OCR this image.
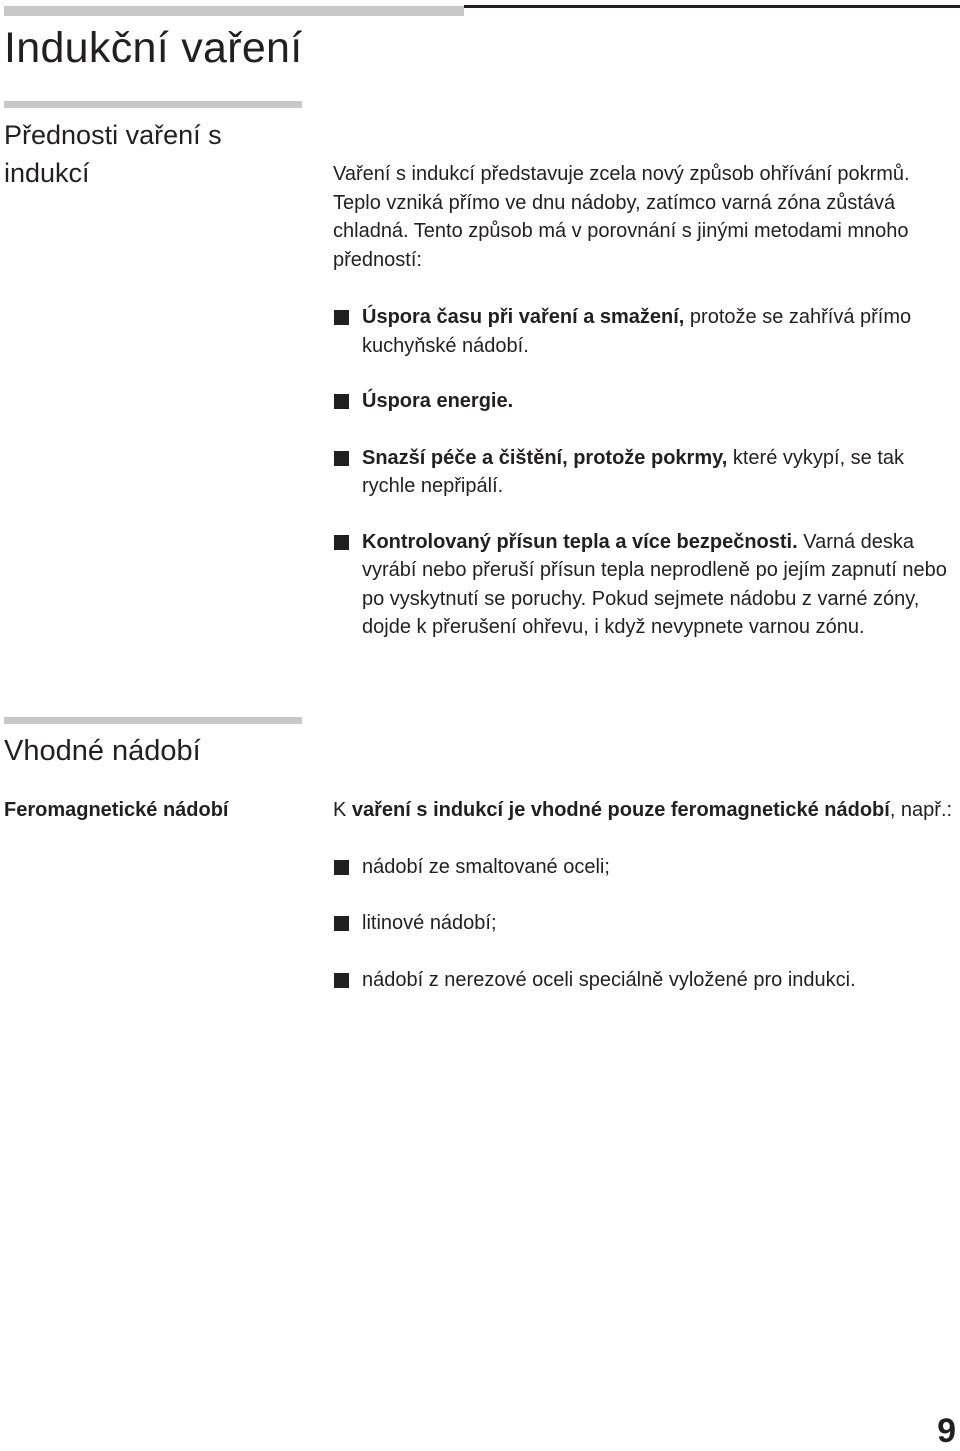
Indukční vaření
Přednosti vaření s indukcí	Vaření s indukcí představuje zcela nový způsob ohřívání pokrmů. Teplo vzniká přímo ve dnu nádoby, zatímco varná zóna zůstává chladná. Tento způsob má v porovnání s jinými metodami mnoho předností:

Úspora času při vaření a smažení, protože se zahřívá přímo kuchyňské nádobí.
Úspora energie.
Snazší péče a čištění, protože pokrmy, které vykypí, se tak rychle nepřipálí.
Kontrolovaný přísun tepla a více bezpečnosti. Varná deska vyrábí nebo přeruší přísun tepla neprodleně po jejím zapnutí nebo po vyskytnutí se poruchy. Pokud sejmete nádobu z varné zóny, dojde k přerušení ohřevu, i když nevypnete varnou zónu.
Vhodné nádobí
Feromagnetické nádobí	K vaření s indukcí je vhodné pouze feromagnetické nádobí, např.:

nádobí ze smaltované oceli;
litinové nádobí;
nádobí z nerezové oceli speciálně vyložené pro indukci.
9
